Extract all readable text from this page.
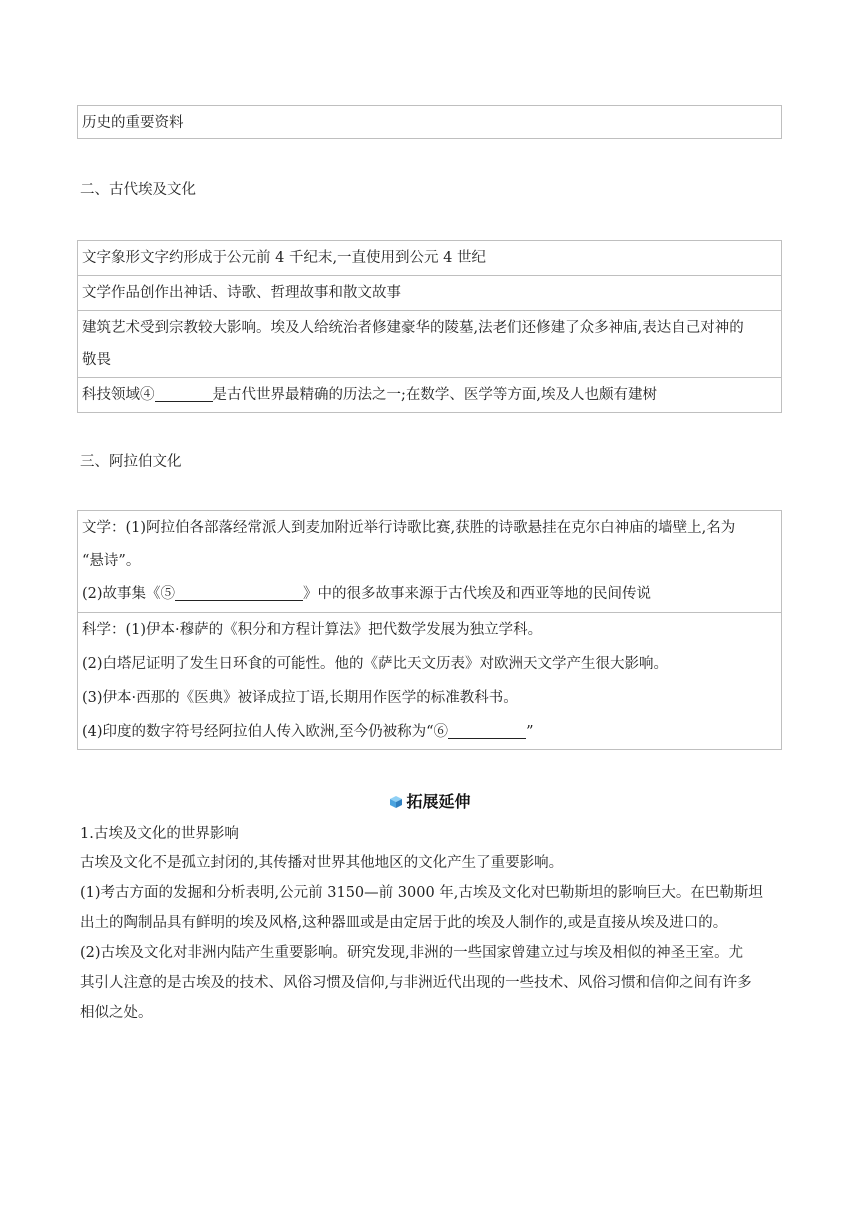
历史的重要资料
二、古代埃及文化
文字象形文字约形成于公元前 4 千纪末,一直使用到公元 4 世纪
文学作品创作出神话、诗歌、哲理故事和散文故事
建筑艺术受到宗教较大影响。埃及人给统治者修建豪华的陵墓,法老们还修建了众多神庙,表达自己对神的
敬畏
科技领域④	是古代世界最精确的历法之一;在数学、医学等方面,埃及人也颇有建树
三、阿拉伯文化
文学：(1)阿拉伯各部落经常派人到麦加附近举行诗歌比赛,获胜的诗歌悬挂在克尔白神庙的墙壁上,名为
“悬诗”。
(2)故事集《⑤	》中的很多故事来源于古代埃及和西亚等地的民间传说
科学：(1)伊本·穆萨的《积分和方程计算法》把代数学发展为独立学科。
(2)白塔尼证明了发生日环食的可能性。他的《萨比天文历表》对欧洲天文学产生很大影响。
(3)伊本·西那的《医典》被译成拉丁语,长期用作医学的标准教科书。
(4)印度的数字符号经阿拉伯人传入欧洲,至今仍被称为“⑥	”
拓展延伸

1.古埃及文化的世界影响

古埃及文化不是孤立封闭的,其传播对世界其他地区的文化产生了重要影响。

(1)考古方面的发掘和分析表明,公元前 3150—前 3000 年,古埃及文化对巴勒斯坦的影响巨大。在巴勒斯坦

出土的陶制品具有鲜明的埃及风格,这种器皿或是由定居于此的埃及人制作的,或是直接从埃及进口的。

(2)古埃及文化对非洲内陆产生重要影响。研究发现,非洲的一些国家曾建立过与埃及相似的神圣王室。尤

其引人注意的是古埃及的技术、风俗习惯及信仰,与非洲近代出现的一些技术、风俗习惯和信仰之间有许多

相似之处。
